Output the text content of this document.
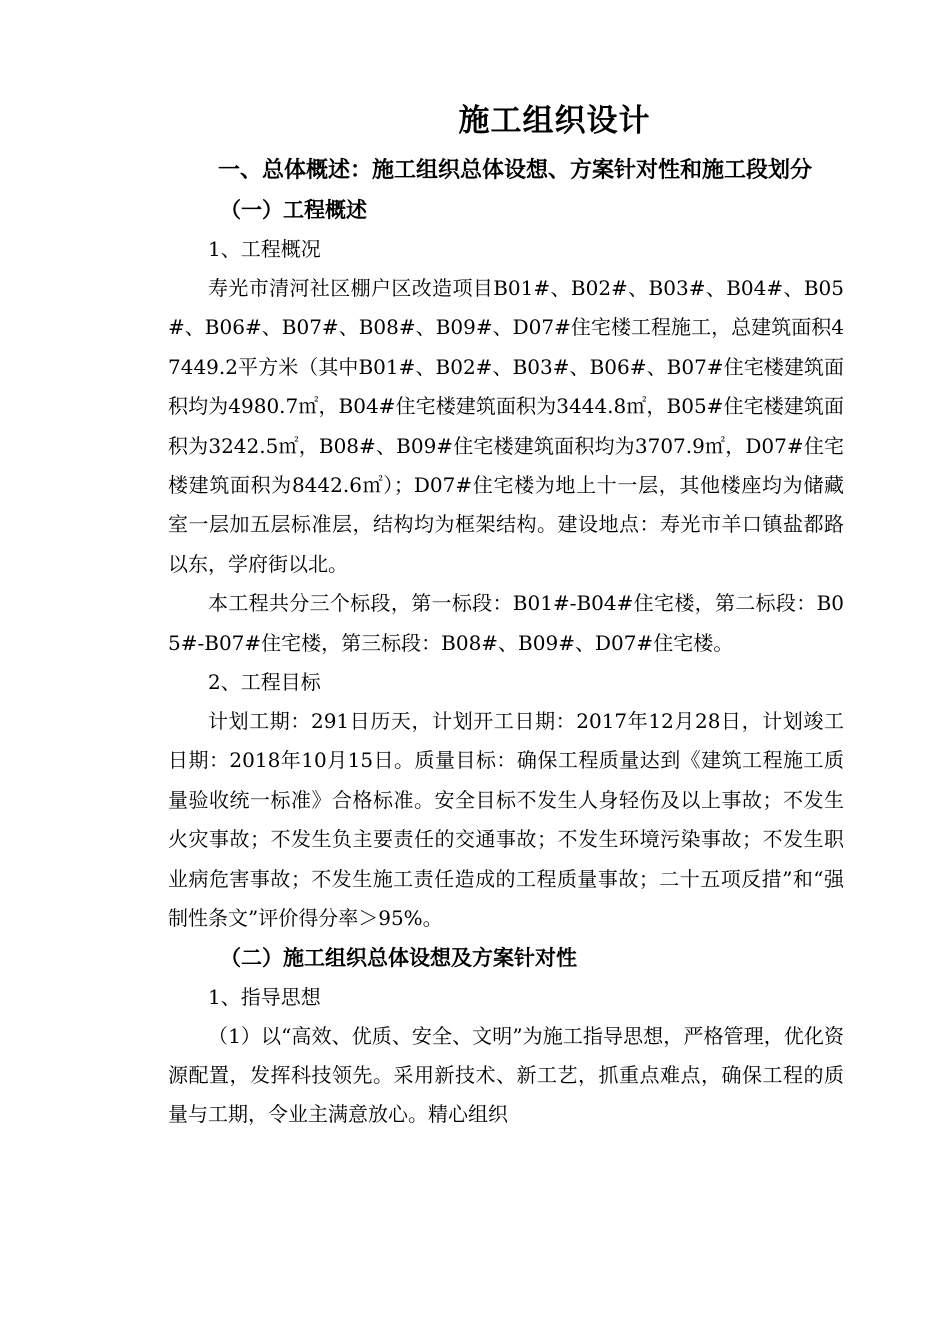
施工组织设计

一、总体概述：施工组织总体设想、方案针对性和施工段划分

（一）工程概述

1、工程概况

寿光市清河社区棚户区改造项目B01#、B02#、B03#、B04#、B05#、B06#、B07#、B08#、B09#、D07#住宅楼工程施工，总建筑面积47449.2平方米（其中B01#、B02#、B03#、B06#、B07#住宅楼建筑面积均为4980.7㎡，B04#住宅楼建筑面积为3444.8㎡，B05#住宅楼建筑面积为3242.5㎡，B08#、B09#住宅楼建筑面积均为3707.9㎡，D07#住宅楼建筑面积为8442.6㎡）；D07#住宅楼为地上十一层，其他楼座均为储藏室一层加五层标准层，结构均为框架结构。建设地点：寿光市羊口镇盐都路以东，学府街以北。

本工程共分三个标段，第一标段：B01#-B04#住宅楼，第二标段：B05#-B07#住宅楼，第三标段：B08#、B09#、D07#住宅楼。

2、工程目标

计划工期：291日历天，计划开工日期：2017年12月28日，计划竣工日期：2018年10月15日。质量目标：确保工程质量达到《建筑工程施工质量验收统一标准》合格标准。安全目标不发生人身轻伤及以上事故；不发生火灾事故；不发生负主要责任的交通事故；不发生环境污染事故；不发生职业病危害事故；不发生施工责任造成的工程质量事故；二十五项反措”和“强制性条文”评价得分率＞95%。

（二）施工组织总体设想及方案针对性

1、指导思想

（1）以“高效、优质、安全、文明”为施工指导思想，严格管理，优化资源配置，发挥科技领先。采用新技术、新工艺，抓重点难点，确保工程的质量与工期，令业主满意放心。精心组织
